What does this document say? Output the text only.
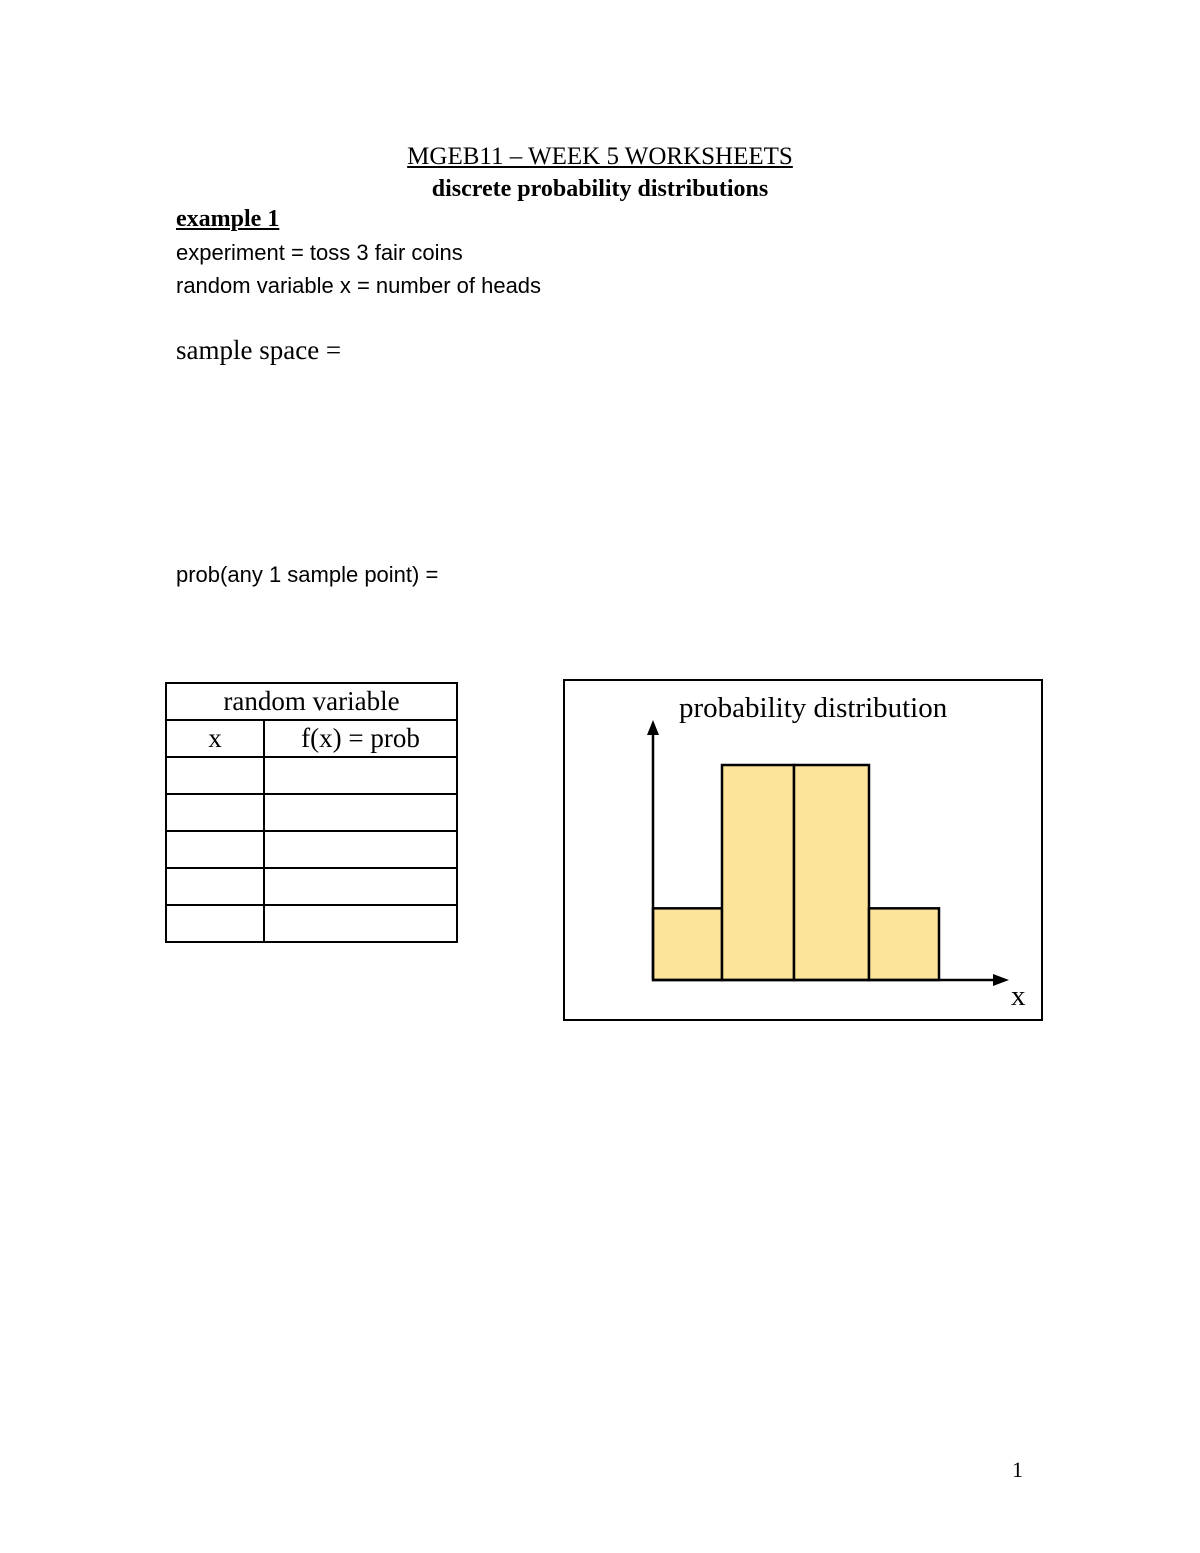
MGEB11 – WEEK 5 WORKSHEETS
discrete probability distributions
example 1
experiment = toss 3 fair coins
random variable x = number of heads
sample space =
prob(any 1 sample point) =
random variable	
x	f(x) = prob

probability distribution
x
1
